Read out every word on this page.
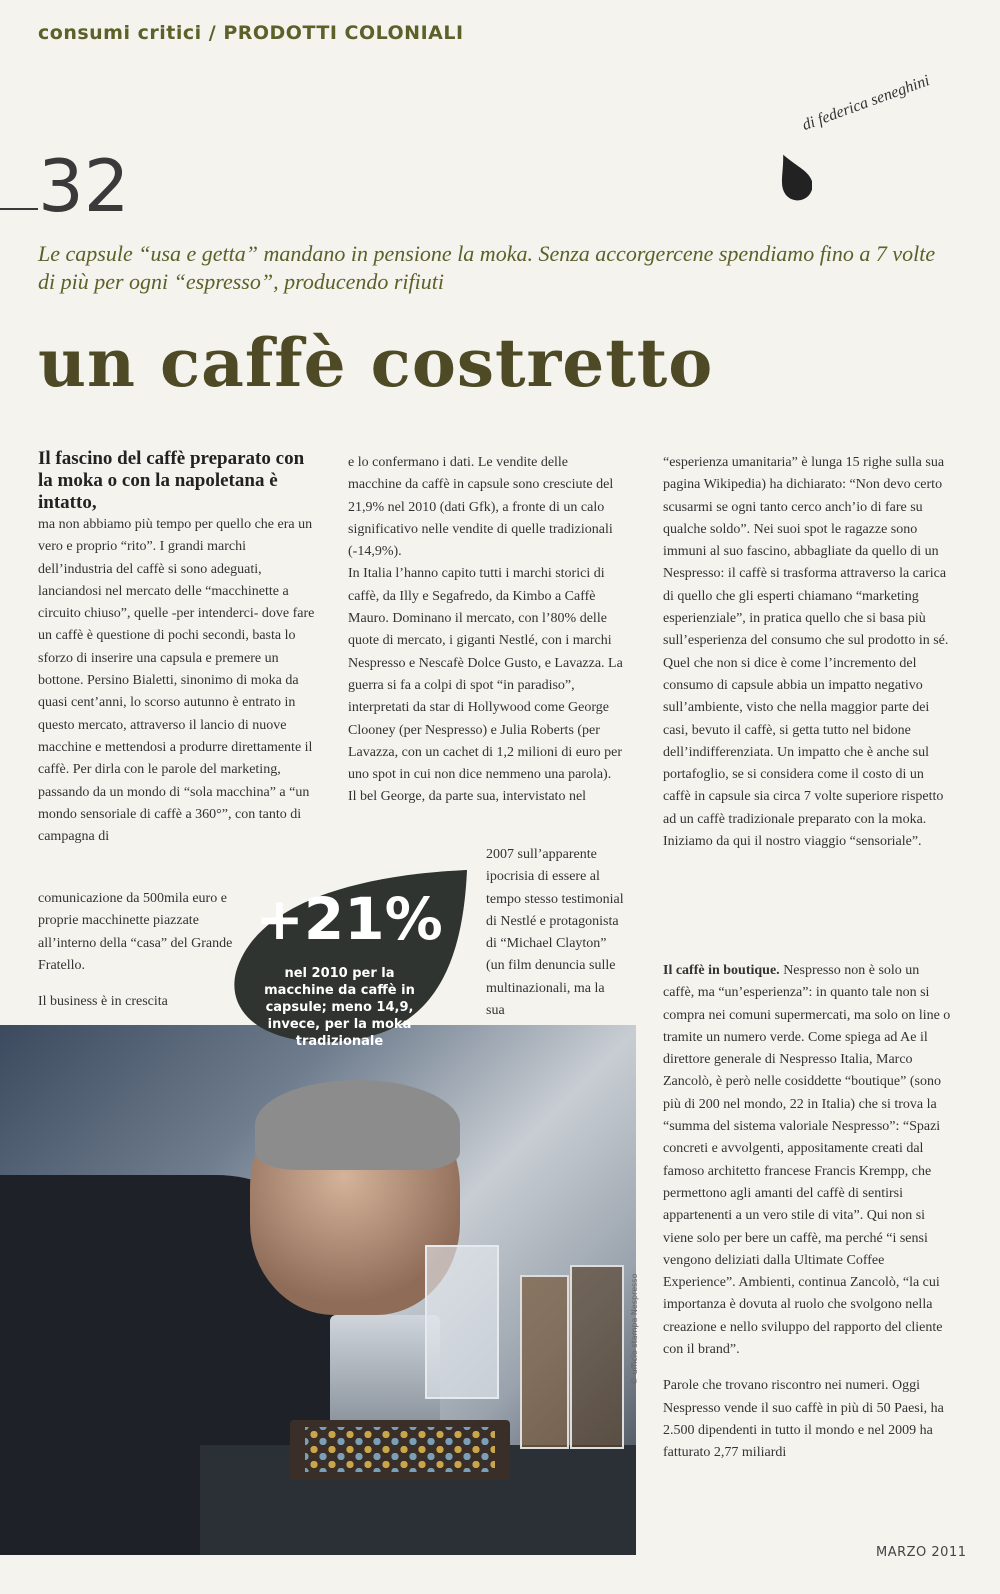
consumi critici / PRODOTTI COLONIALI
di federica seneghini
32
Le capsule “usa e getta” mandano in pensione la moka. Senza accorgercene spendiamo fino a 7 volte di più per ogni “espresso”, producendo rifiuti
un caffè costretto
Il fascino del caffè preparato con la moka o con la napoletana è intatto,

ma non abbiamo più tempo per quello che era un vero e proprio “rito”. I grandi marchi dell’industria del caffè si sono adeguati, lanciandosi nel mercato delle “macchinette a circuito chiuso”, quelle -per intenderci- dove fare un caffè è questione di pochi secondi, basta lo sforzo di inserire una capsula e premere un bottone. Persino Bialetti, sinonimo di moka da quasi cent’anni, lo scorso autunno è entrato in questo mercato, attraverso il lancio di nuove macchine e mettendosi a produrre direttamente il caffè. Per dirla con le parole del marketing, passando da un mondo di “sola macchina” a “un mondo sensoriale di caffè a 360°”, con tanto di campagna di

comunicazione da 500mila euro e proprie macchinette piazzate all’interno della “casa” del Grande Fratello.

Il business è in crescita

e lo confermano i dati. Le vendite delle macchine da caffè in capsule sono cresciute del 21,9% nel 2010 (dati Gfk), a fronte di un calo significativo nelle vendite di quelle tradizionali (-14,9%).

In Italia l’hanno capito tutti i marchi storici di caffè, da Illy e Segafredo, da Kimbo a Caffè Mauro. Dominano il mercato, con l’80% delle quote di mercato, i giganti Nestlé, con i marchi Nespresso e Nescafè Dolce Gusto, e Lavazza. La guerra si fa a colpi di spot “in paradiso”, interpretati da star di Hollywood come George Clooney (per Nespresso) e Julia Roberts (per Lavazza, con un cachet di 1,2 milioni di euro per uno spot in cui non dice nemmeno una parola). Il bel George, da parte sua, intervistato nel

2007 sull’apparente ipocrisia di essere al tempo stesso testimonial di Nestlé e protagonista di “Michael Clayton” (un film denuncia sulle multinazionali, ma la sua

“esperienza umanitaria” è lunga 15 righe sulla sua pagina Wikipedia) ha dichiarato: “Non devo certo scusarmi se ogni tanto cerco anch’io di fare su qualche soldo”. Nei suoi spot le ragazze sono immuni al suo fascino, abbagliate da quello di un Nespresso: il caffè si trasforma attraverso la carica di quello che gli esperti chiamano “marketing esperienziale”, in pratica quello che si basa più sull’esperienza del consumo che sul prodotto in sé. Quel che non si dice è come l’incremento del consumo di capsule abbia un impatto negativo sull’ambiente, visto che nella maggior parte dei casi, bevuto il caffè, si getta tutto nel bidone dell’indifferenziata. Un impatto che è anche sul portafoglio, se si considera come il costo di un caffè in capsule sia circa 7 volte superiore rispetto ad un caffè tradizionale preparato con la moka. Iniziamo da qui il nostro viaggio “sensoriale”.

Il caffè in boutique. Nespresso non è solo un caffè, ma “un’esperienza”: in quanto tale non si compra nei comuni supermercati, ma solo on line o tramite un numero verde. Come spiega ad Ae il direttore generale di Nespresso Italia, Marco Zancolò, è però nelle cosiddette “boutique” (sono più di 200 nel mondo, 22 in Italia) che si trova la “summa del sistema valoriale Nespresso”: “Spazi concreti e avvolgenti, appositamente creati dal famoso architetto francese Francis Krempp, che permettono agli amanti del caffè di sentirsi appartenenti a un vero stile di vita”. Qui non si viene solo per bere un caffè, ma perché “i sensi vengono deliziati dalla Ultimate Coffee Experience”. Ambienti, continua Zancolò, “la cui importanza è dovuta al ruolo che svolgono nella creazione e nello sviluppo del rapporto del cliente con il brand”.

Parole che trovano riscontro nei numeri. Oggi Nespresso vende il suo caffè in più di 50 Paesi, ha 2.500 dipendenti in tutto il mondo e nel 2009 ha fatturato 2,77 miliardi

© ufficio stampa Nespresso
+21%
nel 2010 per la macchine da caffè in capsule; meno 14,9, invece, per la moka tradizionale
MARZO 2011
